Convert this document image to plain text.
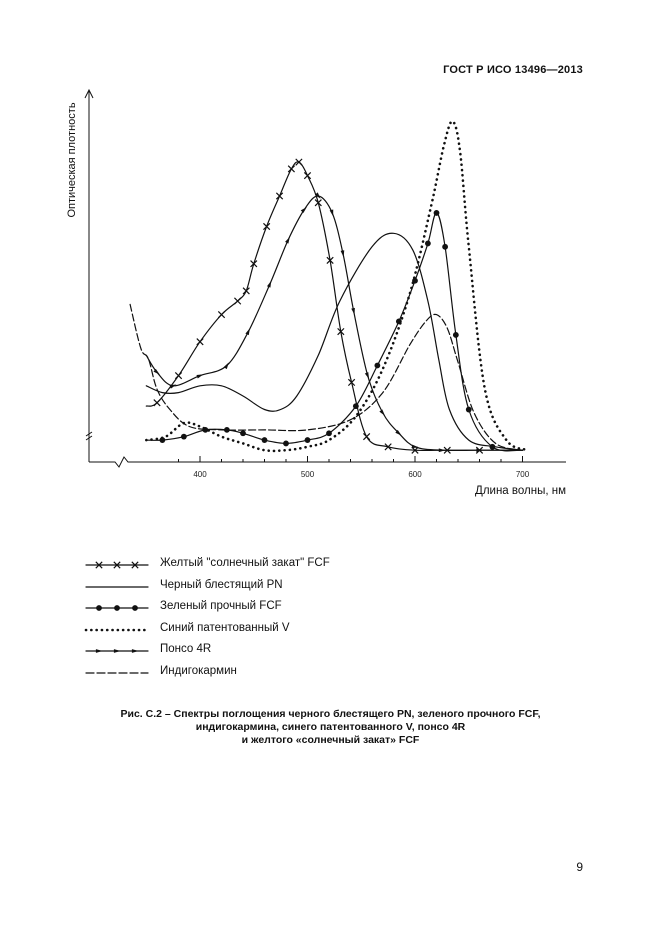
ГОСТ Р ИСО 13496—2013
400	500	600	700
Оптическая плотность
Длина волны, нм
Желтый "солнечный закат" FCF
Черный блестящий PN
Зеленый прочный FCF
Синий патентованный V
Понсо 4R
Индигокармин
Рис. С.2 – Спектры поглощения черного блестящего PN, зеленого прочного FCF,
индигокармина, синего патентованного V, понсо 4R
и желтого «солнечный закат» FCF
9
